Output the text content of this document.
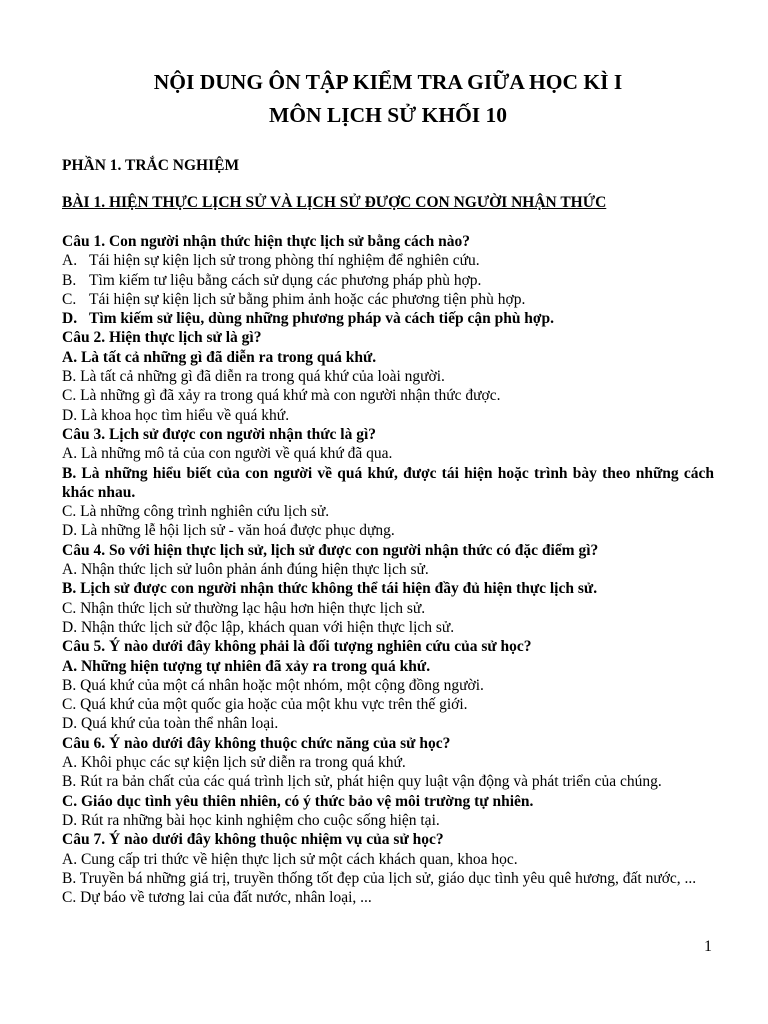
NỘI DUNG ÔN TẬP KIỂM TRA GIỮA HỌC KÌ I

MÔN LỊCH SỬ KHỐI 10

PHẦN 1. TRẮC NGHIỆM
BÀI 1. HIỆN THỰC LỊCH SỬ VÀ LỊCH SỬ ĐƯỢC CON NGƯỜI NHẬN THỨC

Câu 1. Con người nhận thức hiện thực lịch sử bằng cách nào?

A. Tái hiện sự kiện lịch sử trong phòng thí nghiệm để nghiên cứu.
B. Tìm kiếm tư liệu bằng cách sử dụng các phương pháp phù hợp.
C. Tái hiện sự kiện lịch sử bằng phim ảnh hoặc các phương tiện phù hợp.
D. Tìm kiếm sử liệu, dùng những phương pháp và cách tiếp cận phù hợp.

Câu 2. Hiện thực lịch sử là gì?

A. Là tất cả những gì đã diễn ra trong quá khứ.

B. Là tất cả những gì đã diễn ra trong quá khứ của loài người.

C. Là những gì đã xảy ra trong quá khứ mà con người nhận thức được.

D. Là khoa học tìm hiểu về quá khứ.

Câu 3. Lịch sử được con người nhận thức là gì?

A. Là những mô tả của con người về quá khứ đã qua.

B. Là những hiểu biết của con người về quá khứ, được tái hiện hoặc trình bày theo những cách khác nhau.

C. Là những công trình nghiên cứu lịch sử.

D. Là những lễ hội lịch sử - văn hoá được phục dựng.

Câu 4. So với hiện thực lịch sử, lịch sử được con người nhận thức có đặc điểm gì?

A. Nhận thức lịch sử luôn phản ánh đúng hiện thực lịch sử.

B. Lịch sử được con người nhận thức không thể tái hiện đầy đủ hiện thực lịch sử.

C. Nhận thức lịch sử thường lạc hậu hơn hiện thực lịch sử.

D. Nhận thức lịch sử độc lập, khách quan với hiện thực lịch sử.

Câu 5. Ý nào dưới đây không phải là đối tượng nghiên cứu của sử học?

A. Những hiện tượng tự nhiên đã xảy ra trong quá khứ.

B. Quá khứ của một cá nhân hoặc một nhóm, một cộng đồng người.

C. Quá khứ của một quốc gia hoặc của một khu vực trên thế giới.

D. Quá khứ của toàn thể nhân loại.

Câu 6. Ý nào dưới đây không thuộc chức năng của sử học?

A. Khôi phục các sự kiện lịch sử diễn ra trong quá khứ.

B. Rút ra bản chất của các quá trình lịch sử, phát hiện quy luật vận động và phát triển của chúng.

C. Giáo dục tình yêu thiên nhiên, có ý thức bảo vệ môi trường tự nhiên.

D. Rút ra những bài học kinh nghiệm cho cuộc sống hiện tại.

Câu 7. Ý nào dưới đây không thuộc nhiệm vụ của sử học?

A. Cung cấp tri thức về hiện thực lịch sử một cách khách quan, khoa học.

B. Truyền bá những giá trị, truyền thống tốt đẹp của lịch sử, giáo dục tình yêu quê hương, đất nước, ...

C. Dự báo về tương lai của đất nước, nhân loại, ...

1
